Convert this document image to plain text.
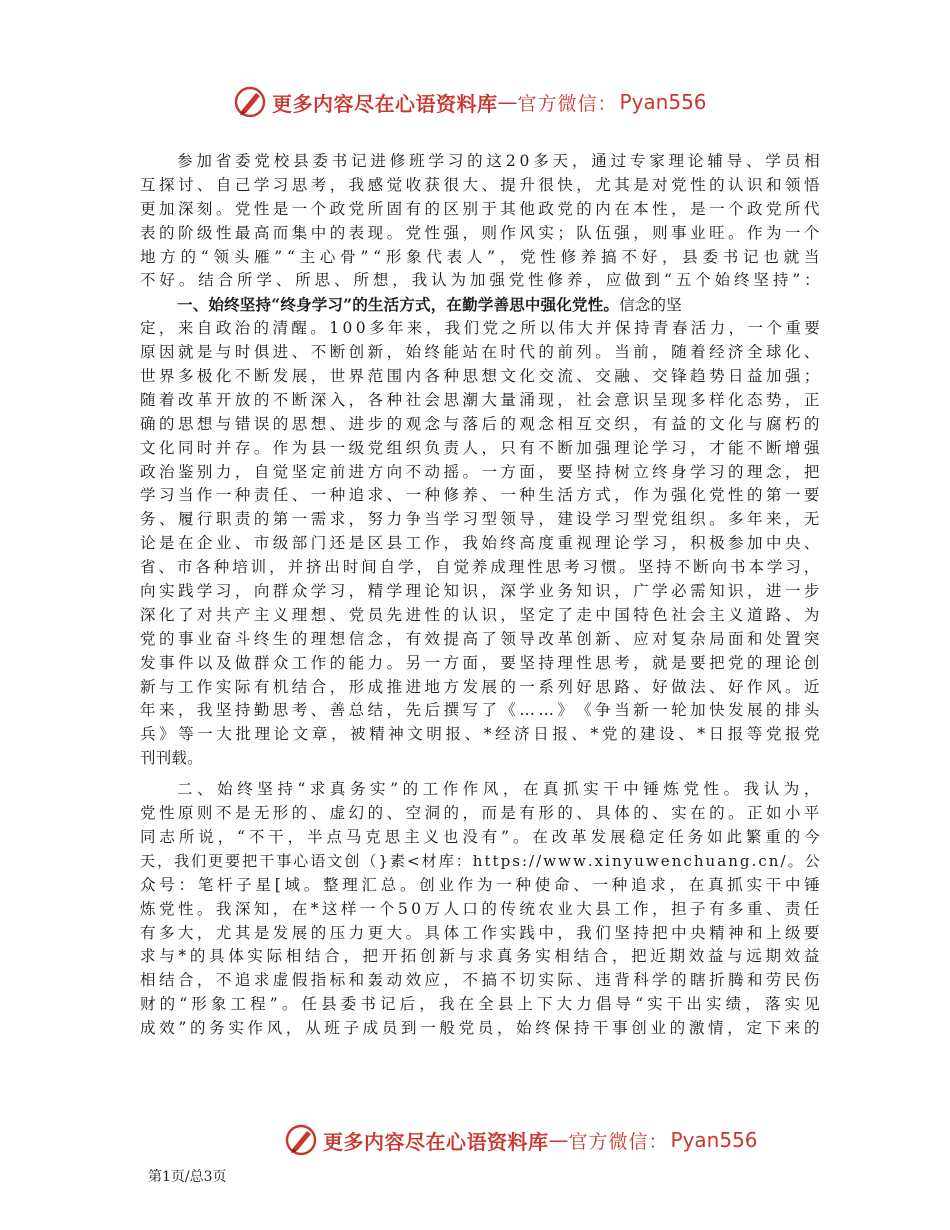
更多内容尽在心语资料库 — 官方微信： Pyan556
参 加 省 委 党 校 县 委 书 记 进 修 班 学 习 的 这 2 0 多 天 ， 通 过 专 家 理 论 辅 导 、 学 员 相
互 探 讨 、 自 己 学 习 思 考 ， 我 感 觉 收 获 很 大 、 提 升 很 快 ， 尤 其 是 对 党 性 的 认 识 和 领 悟
更 加 深 刻 。 党 性 是 一 个 政 党 所 固 有 的 区 别 于 其 他 政 党 的 内 在 本 性 ， 是 一 个 政 党 所 代
表 的 阶 级 性 最 高 而 集 中 的 表 现 。 党 性 强 ， 则 作 风 实 ； 队 伍 强 ， 则 事 业 旺 。 作 为 一 个
地 方 的 “ 领 头 雁 ” “ 主 心 骨 ” “ 形 象 代 表 人 ” ， 党 性 修 养 搞 不 好 ， 县 委 书 记 也 就 当
不 好 。 结 合 所 学 、 所 思 、 所 想 ， 我 认 为 加 强 党 性 修 养 ， 应 做 到 “ 五 个 始 终 坚 持 ” ：
一、始终坚持“终身学习”的生活方式，在勤学善思中强化党性。信念的坚
定 ， 来 自 政 治 的 清 醒 。 1 0 0 多 年 来 ， 我 们 党 之 所 以 伟 大 并 保 持 青 春 活 力 ， 一 个 重 要
原 因 就 是 与 时 俱 进 、 不 断 创 新 ， 始 终 能 站 在 时 代 的 前 列 。 当 前 ， 随 着 经 济 全 球 化 、
世 界 多 极 化 不 断 发 展 ， 世 界 范 围 内 各 种 思 想 文 化 交 流 、 交 融 、 交 锋 趋 势 日 益 加 强 ；
随 着 改 革 开 放 的 不 断 深 入 ， 各 种 社 会 思 潮 大 量 涌 现 ， 社 会 意 识 呈 现 多 样 化 态 势 ， 正
确 的 思 想 与 错 误 的 思 想 、 进 步 的 观 念 与 落 后 的 观 念 相 互 交 织 ， 有 益 的 文 化 与 腐 朽 的
文 化 同 时 并 存 。 作 为 县 一 级 党 组 织 负 责 人 ， 只 有 不 断 加 强 理 论 学 习 ， 才 能 不 断 增 强
政 治 鉴 别 力 ， 自 觉 坚 定 前 进 方 向 不 动 摇 。 一 方 面 ， 要 坚 持 树 立 终 身 学 习 的 理 念 ， 把
学 习 当 作 一 种 责 任 、 一 种 追 求 、 一 种 修 养 、 一 种 生 活 方 式 ， 作 为 强 化 党 性 的 第 一 要
务 、 履 行 职 责 的 第 一 需 求 ， 努 力 争 当 学 习 型 领 导 ， 建 设 学 习 型 党 组 织 。 多 年 来 ， 无
论 是 在 企 业 、 市 级 部 门 还 是 区 县 工 作 ， 我 始 终 高 度 重 视 理 论 学 习 ， 积 极 参 加 中 央 、
省 、 市 各 种 培 训 ， 并 挤 出 时 间 自 学 ， 自 觉 养 成 理 性 思 考 习 惯 。 坚 持 不 断 向 书 本 学 习 ，
向 实 践 学 习 ， 向 群 众 学 习 ， 精 学 理 论 知 识 ， 深 学 业 务 知 识 ， 广 学 必 需 知 识 ， 进 一 步
深 化 了 对 共 产 主 义 理 想 、 党 员 先 进 性 的 认 识 ， 坚 定 了 走 中 国 特 色 社 会 主 义 道 路 、 为
党 的 事 业 奋 斗 终 生 的 理 想 信 念 ， 有 效 提 高 了 领 导 改 革 创 新 、 应 对 复 杂 局 面 和 处 置 突
发 事 件 以 及 做 群 众 工 作 的 能 力 。 另 一 方 面 ， 要 坚 持 理 性 思 考 ， 就 是 要 把 党 的 理 论 创
新 与 工 作 实 际 有 机 结 合 ， 形 成 推 进 地 方 发 展 的 一 系 列 好 思 路 、 好 做 法 、 好 作 风 。 近
年 来 ， 我 坚 持 勤 思 考 、 善 总 结 ， 先 后 撰 写 了 《 … … 》 《 争 当 新 一 轮 加 快 发 展 的 排 头
兵 》 等 一 大 批 理 论 文 章 ， 被 精 神 文 明 报 、 * 经 济 日 报 、 * 党 的 建 设 、 * 日 报 等 党 报 党
刊刊载。
二 、 始 终 坚 持 “ 求 真 务 实 ” 的 工 作 作 风 ， 在 真 抓 实 干 中 锤 炼 党 性 。 我 认 为 ，
党 性 原 则 不 是 无 形 的 、 虚 幻 的 、 空 洞 的 ， 而 是 有 形 的 、 具 体 的 、 实 在 的 。 正 如 小 平
同 志 所 说 ， “ 不 干 ， 半 点 马 克 思 主 义 也 没 有 ” 。 在 改 革 发 展 稳 定 任 务 如 此 繁 重 的 今
天 ， 我 们 更 要 把 干 事 心 语 文 创 （ } 素 < 材 库 ： h t t p s : / / w w w . x i n y u w e n c h u a n g . c n / 。 公
众 号 ： 笔 杆 子 星 [ 域 。 整 理 汇 总 。 创 业 作 为 一 种 使 命 、 一 种 追 求 ， 在 真 抓 实 干 中 锤
炼 党 性 。 我 深 知 ， 在 * 这 样 一 个 5 0 万 人 口 的 传 统 农 业 大 县 工 作 ， 担 子 有 多 重 、 责 任
有 多 大 ， 尤 其 是 发 展 的 压 力 更 大 。 具 体 工 作 实 践 中 ， 我 们 坚 持 把 中 央 精 神 和 上 级 要
求 与 * 的 具 体 实 际 相 结 合 ， 把 开 拓 创 新 与 求 真 务 实 相 结 合 ， 把 近 期 效 益 与 远 期 效 益
相 结 合 ， 不 追 求 虚 假 指 标 和 轰 动 效 应 ， 不 搞 不 切 实 际 、 违 背 科 学 的 瞎 折 腾 和 劳 民 伤
财 的 “ 形 象 工 程 ” 。 任 县 委 书 记 后 ， 我 在 全 县 上 下 大 力 倡 导 “ 实 干 出 实 绩 ， 落 实 见
成 效 ” 的 务 实 作 风 ， 从 班 子 成 员 到 一 般 党 员 ， 始 终 保 持 干 事 创 业 的 激 情 ， 定 下 来 的
更多内容尽在心语资料库 — 官方微信： Pyan556
第1页/总3页
